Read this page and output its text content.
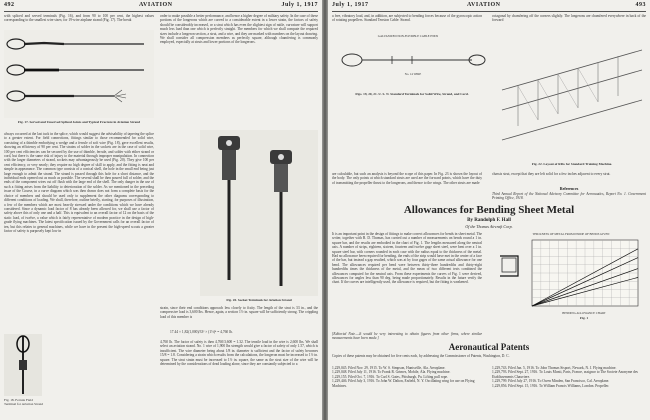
492	AVIATION	July 1, 1917
with spliced and served terminals (Fig. 16), and from 90 to 100 per cent, the highest values corresponding to the smallest wire sizes; for 19-wire airplane strand (Fig. 17). The break
Fig. 17. Served and Unserved Spliced Joints and Typical Fracture in Aviation Strand
always occurred at the last tuck in the splice, which would suggest the advisability of tapering the splice to a greater extent. For field connections, fittings similar to those recommended for solid wire, consisting of a thimble embodying a wedge and a ferrule of soft wire (Fig. 18), gave excellent results, showing an efficiency of 90 per cent. The strains of solder in the sockets are in the case of solid wire, 100 per cent efficiencies can be secured by the use of thimble, ferrule, and solder with either strand or cord, but there is the same risk of injury to the material through improper manipulation. In connection with the larger diameters of strand, sockets may advantageously be used (Fig. 20). They give 100 per cent efficiency, or very nearly; they require no high degree of skill to apply, and the fitting is neat and simple in appearance. The common type consists of a conical shell, the hole in the small end being just large enough to admit the strand. The strand is passed through this hole for a short distance, and the individual ends opened out as much as possible. The several shall be then poured full of solder, and the ends of the component wires cut off flush with the large end of the shell. The only danger in the use of such a fitting arises from the liability to deterioration of the solder. As we mentioned in the preceding issue of the Course, in a curve diagram which was then drawn does not form a complete basis for the choice of members and should be used only to supplement the other diagrams corresponding to different conditions of loading. We shall, therefore, outline briefly, starting, for purposes of illustration, a few of the members which are most heavily stressed under the conditions which we have already considered. Since a dynamic load factor of 8 has already been allowed for, we shall use a factor of safety above this of only one and a half. This is equivalent to an overall factor of 12 on the basis of the static load, of twelve, a value which is fairly representative of modern practice in the design of high-grade flying machines. The latest specification issued by the Government calls for an overall factor of ten, but this relates to general machines, while we have in the present the high-speed scouts a greater factor of safety is purposely kept low in
Fig. 18. Ferrule Field Terminal for Aviation Strand
order to make possible a better performance, and hence a higher degree of military safety. In the case of these portions of the longerons which are curved to a considerable extent in a lower strain, the factors of safety should be considerably increased, or a strut which has even the slightest sign of rattle, curvature will support much less load than one which is perfectly straight. The members for which we shall compute the required sizes include a longeron section, a strut, and a wire, and they are marked with numbers on the layout drawing. We shall consider all compression members as perfectly square, although chamfering is commonly employed, especially at struts and lower portions of the longerons.
Fig. 20. Socket Terminals for Aviation Strand
strain, since their end conditions approach less closely to fixity. The length of the strut is 33 in., and the compressive load is 3,600 lbs. Hence, again, a section 1½ in. square will be sufficiently strong. The crippling load of this member is
17.44 × 1,82(1,000)/33² × (1½)⁴ = 4,760 lb.
4,760 lb. The factor of safety is then 4,760/3,600 = 1.32. The tensile load in the wire is 2,600 lbs. We shall select an aviation strand. No. 1 wire of 1,900 lbs strength would give a factor of safety of only 1.57, which is insufficient. The wire diameter being about 1/8 in. diameter is sufficient and the factor of safety becomes 15/8 = 1.8. Considering a strain which results from the calculations, the longeron must be increased to 1½ in. square. The strut strain must be increased to 1½ in. square, the same as the strut size of the wire will be determined by the considerations of dead loading alone, since they are constantly subjected to a
July 1, 1917	AVIATION	493
a free, vibratory load, and, in addition, are subjected to bending forces because of the gyroscopic action of rotating propellers. Standard Tension Cable: Strand.
octagonal by chamfering off the corners slightly. The longerons are chamfered everywhere in back of the forward
GALVANIZED NON-FLEXIBLE CABLE ENDS
No. 14 WIRE
Figs. 19, 20, 21. U. S. N. Standard Terminals for Solid Wire, Strand, and Cord.
Fig. 22. Layout of Ribs for Standard Training Machine.
are calculable, but such an analysis is beyond the scope of this paper. In Fig. 23 is shown the layout of the body. The only points at which standard struts are used are the forward points, which have the duty of transmitting the propeller thrust to the longerons, and thence to the wings. The other struts are made
chassis strut, except that they are left solid for a few inches adjacent to every strut.
References
Third Annual Report of the National Advisory Committee for Aeronautics, Report No. 1. Government Printing Office, 1918.
Allowances for Bending Sheet Metal
By Randolph F. Hall
Of the Thomas Aircraft Corp.
It is an important point in the design of fittings to make correct allowances for bends in sheet metal. The writer, together with B. D. Thomas, has carried out a number of measurements on bends round a 1 in. square bar, and the results are embodied in the chart of Fig. 1. The lengths measured along the neutral axis. A number of strips, eighteen, sixteen, fourteen and twelve gage sheet steel, were bent over a 1 in. square steel bar, with corners rounded in each case with the radius equal to the thickness of the metal. Had no allowance been required for bending, the ends of the strip would have met in the center of a face of the bar, but instead a gap resulted, which was at by four gages of the same actual allowance for one bend. The allowances required per bend were between thirty-three hundredths and thirty-eight hundredths times the thickness of the metal, and the mean of two different tests combined the allowances computed for the neutral axis. From these experiments the curves of Fig. 1 were derived, allowances for angles less than 90 deg. being made proportionately. Results in the future verify the chart. If the curves are intelligently used, the allowance is required, but the fitting is weakened.
[Editorial Note.—It would be very interesting to obtain figures from other firms, where similar measurements have been made.]
THICKNESS OF METAL FROM INSIDE OF BENDS GIVEN
BENDING ALLOWANCE CHART
Fig. 1
Aeronautical Patents
Copies of these patents may be obtained for five cents each, by addressing the Commissioner of Patents, Washington, D. C.
1,229,045. Filed Nov. 29, 1915. To W. S. Simpson, Huntsville, Ala. Aeroplane.
1,229,048. Filed July 11, 1916. To Frank R. Grimes, Mobile, Ala. Flying machine.
1,229,155. Filed Oct. 7, 1916. To Carl S. Gates, Pittsburgh, Pa. Lifting pull rope.
1,229,446. Filed July 3, 1916. To John W. Dalton, Enfield, N. Y. Oscillating wing for use on Flying Machines.
1,229,743. Filed Jan. 5, 1916. To John Thomas Sisport, Newark, N. J. Flying machine.
1,229,793. Filed Sept. 27, 1916. To Louis Monti, Paris, France, assignor to The Societe Anonyme des Etablissements Chauviere.
1,229,799. Filed July 27, 1916. To Owen Minden, San Francisco, Cal. Aeroplane.
1,229,856. Filed Sept. 15, 1916. To William Francis Williams, London. Propeller.
